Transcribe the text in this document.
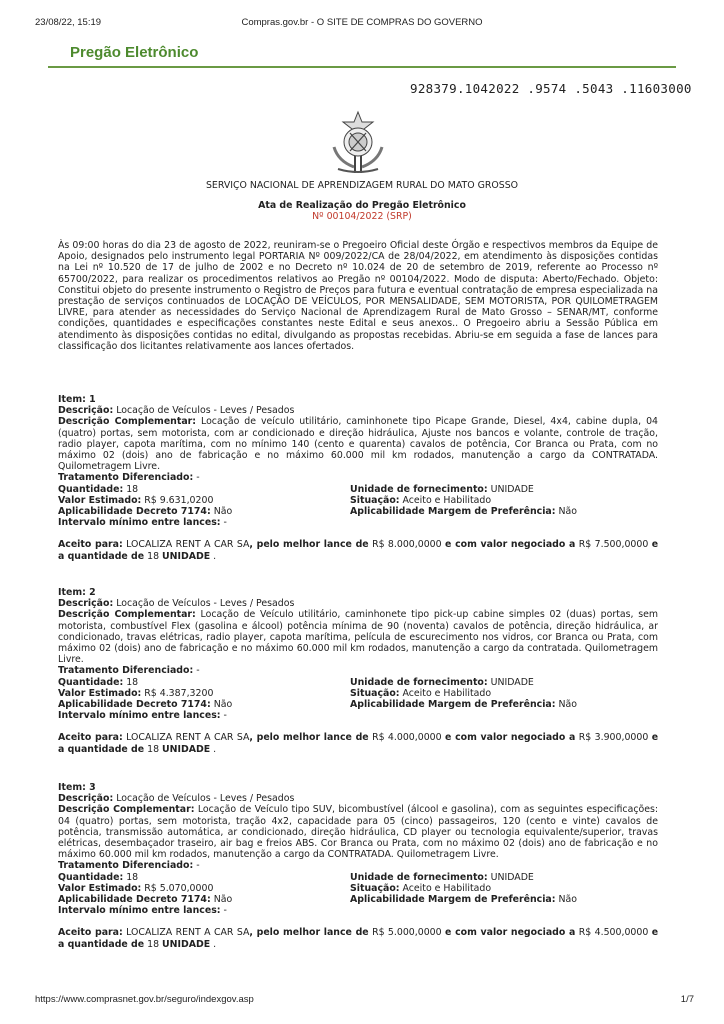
23/08/22, 15:19	Compras.gov.br - O SITE DE COMPRAS DO GOVERNO
Pregão Eletrônico
928379.1042022 .9574 .5043 .11603000
SERVIÇO NACIONAL DE APRENDIZAGEM RURAL DO MATO GROSSO
Ata de Realização do Pregão Eletrônico
Nº 00104/2022 (SRP)
Às 09:00 horas do dia 23 de agosto de 2022, reuniram-se o Pregoeiro Oficial deste Órgão e respectivos membros da Equipe de Apoio, designados pelo instrumento legal PORTARIA Nº 009/2022/CA de 28/04/2022, em atendimento às disposições contidas na Lei nº 10.520 de 17 de julho de 2002 e no Decreto nº 10.024 de 20 de setembro de 2019, referente ao Processo nº 65700/2022, para realizar os procedimentos relativos ao Pregão nº 00104/2022. Modo de disputa: Aberto/Fechado. Objeto: Constitui objeto do presente instrumento o Registro de Preços para futura e eventual contratação de empresa especializada na prestação de serviços continuados de LOCAÇÃO DE VEÍCULOS, POR MENSALIDADE, SEM MOTORISTA, POR QUILOMETRAGEM LIVRE, para atender as necessidades do Serviço Nacional de Aprendizagem Rural de Mato Grosso – SENAR/MT, conforme condições, quantidades e especificações constantes neste Edital e seus anexos.. O Pregoeiro abriu a Sessão Pública em atendimento às disposições contidas no edital, divulgando as propostas recebidas. Abriu-se em seguida a fase de lances para classificação dos licitantes relativamente aos lances ofertados.
Item: 1
Descrição: Locação de Veículos - Leves / Pesados
Descrição Complementar: Locação de veículo utilitário, caminhonete tipo Picape Grande, Diesel, 4x4, cabine dupla, 04 (quatro) portas, sem motorista, com ar condicionado e direção hidráulica, Ajuste nos bancos e volante, controle de tração, radio player, capota marítima, com no mínimo 140 (cento e quarenta) cavalos de potência, Cor Branca ou Prata, com no máximo 02 (dois) ano de fabricação e no máximo 60.000 mil km rodados, manutenção a cargo da CONTRATADA. Quilometragem Livre.
Tratamento Diferenciado: -
Quantidade: 18	Unidade de fornecimento: UNIDADE
Valor Estimado: R$ 9.631,0200	Situação: Aceito e Habilitado
Aplicabilidade Decreto 7174: Não	Aplicabilidade Margem de Preferência: Não
Intervalo mínimo entre lances: -
Aceito para: LOCALIZA RENT A CAR SA, pelo melhor lance de R$ 8.000,0000 e com valor negociado a R$ 7.500,0000 e a quantidade de 18 UNIDADE .
Item: 2
Descrição: Locação de Veículos - Leves / Pesados
Descrição Complementar: Locação de Veículo utilitário, caminhonete tipo pick-up cabine simples 02 (duas) portas, sem motorista, combustível Flex (gasolina e álcool) potência mínima de 90 (noventa) cavalos de potência, direção hidráulica, ar condicionado, travas elétricas, radio player, capota marítima, película de escurecimento nos vidros, cor Branca ou Prata, com máximo 02 (dois) ano de fabricação e no máximo 60.000 mil km rodados, manutenção a cargo da contratada. Quilometragem Livre.
Tratamento Diferenciado: -
Quantidade: 18	Unidade de fornecimento: UNIDADE
Valor Estimado: R$ 4.387,3200	Situação: Aceito e Habilitado
Aplicabilidade Decreto 7174: Não	Aplicabilidade Margem de Preferência: Não
Intervalo mínimo entre lances: -
Aceito para: LOCALIZA RENT A CAR SA, pelo melhor lance de R$ 4.000,0000 e com valor negociado a R$ 3.900,0000 e a quantidade de 18 UNIDADE .
Item: 3
Descrição: Locação de Veículos - Leves / Pesados
Descrição Complementar: Locação de Veículo tipo SUV, bicombustível (álcool e gasolina), com as seguintes especificações: 04 (quatro) portas, sem motorista, tração 4x2, capacidade para 05 (cinco) passageiros, 120 (cento e vinte) cavalos de potência, transmissão automática, ar condicionado, direção hidráulica, CD player ou tecnologia equivalente/superior, travas elétricas, desembaçador traseiro, air bag e freios ABS. Cor Branca ou Prata, com no máximo 02 (dois) ano de fabricação e no máximo 60.000 mil km rodados, manutenção a cargo da CONTRATADA. Quilometragem Livre.
Tratamento Diferenciado: -
Quantidade: 18	Unidade de fornecimento: UNIDADE
Valor Estimado: R$ 5.070,0000	Situação: Aceito e Habilitado
Aplicabilidade Decreto 7174: Não	Aplicabilidade Margem de Preferência: Não
Intervalo mínimo entre lances: -
Aceito para: LOCALIZA RENT A CAR SA, pelo melhor lance de R$ 5.000,0000 e com valor negociado a R$ 4.500,0000 e a quantidade de 18 UNIDADE .
https://www.comprasnet.gov.br/seguro/indexgov.asp	1/7
